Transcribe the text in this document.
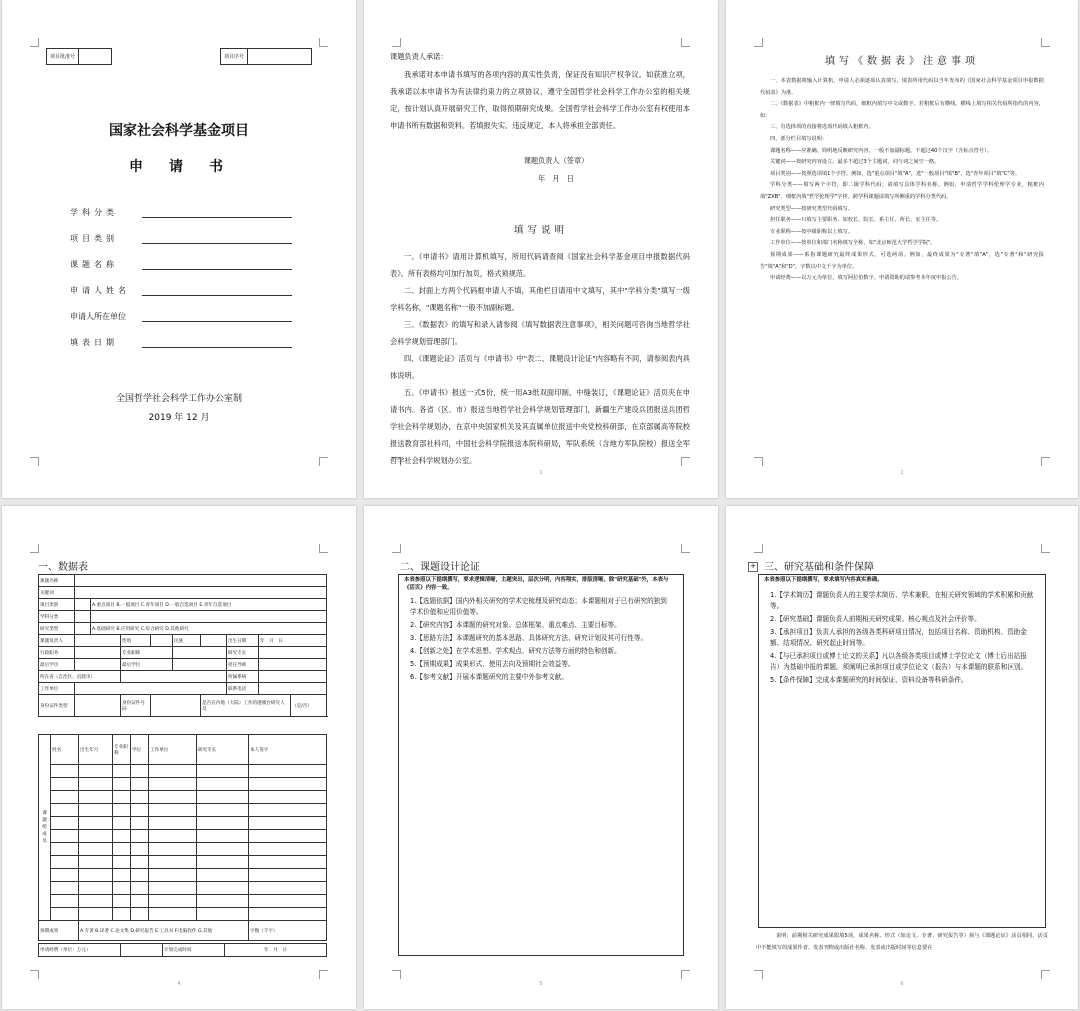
项目批准号	项目序号
国家社会科学基金项目
申请书
学科分类
项目类别
课题名称
申请人姓名
申请人所在单位
填表日期
全国哲学社会科学工作办公室制
2019 年 12 月
课题负责人承诺：
我承诺对本申请书填写的各项内容的真实性负责，保证没有知识产权争议。如获准立项，我承诺以本申请书为有法律约束力的立项协议，遵守全国哲学社会科学工作办公室的相关规定，按计划认真开展研究工作，取得预期研究成果。全国哲学社会科学工作办公室有权使用本申请书所有数据和资料。若填报失实、违反规定，本人将承担全部责任。
课题负责人（签章）
年　月　日
填写说明
一、《申请书》请用计算机填写，所用代码请查阅《国家社会科学基金项目申报数据代码表》。所有表格均可加行加页，格式须规范。
二、封面上方两个代码框申请人不填，其他栏目请用中文填写，其中"学科分类"填写一级学科名称，"课题名称"一般不加副标题。
三、《数据表》的填写和录入请参阅《填写数据表注意事项》，相关问题可咨询当地哲学社会科学规划管理部门。
四、《课题论证》活页与《申请书》中"表二、课题设计论证"内容略有不同，请参阅表内具体说明。
五、《申请书》报送一式5份，统一用A3纸双面印制，中缝装订，《课题论证》活页夹在申请书内。各省（区、市）报送当地哲学社会科学规划管理部门，新疆生产建设兵团报送兵团哲学社会科学规划办，在京中央国家机关及其直属单位报送中央党校科研部，在京部属高等院校报送教育部社科司，中国社会科学院报送本院科研局，军队系统（含地方军队院校）报送全军哲学社会科学规划办公室。
1
填写《数据表》注意事项
一、本表数据将输入计算机，申请人必须逐项认真填写。填表所用代码以当年发布的《国家社会科学基金项目申报数据代码表》为准。
二、《数据表》中粗框内一律填写代码，细框内填写中文或数字。若粗框后有横线，横线上填写相关代码所指代的内容，如：
三、有选择项的直接将选项代码填入粗框内。
四、部分栏目填写说明：
课题名称——应准确、简明地反映研究内容，一般不加副标题，不超过40个汉字（含标点符号）。
关键词——按研究内容设立。最多不超过3个主题词，词与词之间空一格。
项目类别——按照选项填1个字符。例如，选"重点项目"填"A"，选"一般项目"填"B"，选"青年项目"填"C"等。
学科分类——填写两个字符，即二级学科代码；请填写具体学科名称。例如，申请哲学学科伦理学专业，粗框内填"ZXB"，细框内填"哲学伦理学"字样。跨学科课题请填写所侧重的学科分类代码。
研究类型——按研究类型代码填写。
担任职务——只填写主要职务，如校长、院长、系主任、所长、室主任等。
专业职称——按中级职称以上填写。
工作单位——按单位和部门名称填写全称，如"北京师范大学哲学学院"。
预期成果——系指课题研究最终成果形式，可选两项。例如，最终成果为"专著"填"A"，选"专著"和"研究报告"填"A"和"D"。字数以中文千字为单位。
申请经费——以万元为单位，填写阿拉伯数字。申请资助的请参考本年度申报公告。
2
一、数据表
课题名称									
关键词									
项目类别		A.重点项目 B.一般项目 C.青年项目 D.一般自选项目 E.青年自选项目							
学科分类									
研究类型		A.基础研究 B.应用研究 C.综合研究 D.其他研究							
课题负责人			性别		民族		出生日期	年　月　日	
行政职务			专业职称				研究专长		
最后学历			最后学位				担任导师		
所在省（自治区、直辖市）							所属系统		
工作单位							联系电话		
身份证件类型			身份证件号码			是否在内地（大陆）工作的港澳台研究人员			（是/否）
课题组成员	姓名	出生年月	专业职称	学位	工作单位	研究专长	本人签字

预期成果		A.专著 B.译著 C.论文集 D.研究报告 E.工具书 F.电脑软件 G.其他					字数（千字）
申请经费（单位：万元）		计划完成时间	年　月　日
4
二、课题设计论证
本表参照以下提纲撰写，要求逻辑清晰，主题突出，层次分明，内容翔实，排版清晰。除"研究基础"外，本表与《活页》内容一致。
1.【选题依据】国内外相关研究的学术史梳理及研究动态；本课题相对于已有研究的独到学术价值和应用价值等。
2.【研究内容】本课题的研究对象、总体框架、重点难点、主要目标等。
3.【思路方法】本课题研究的基本思路、具体研究方法、研究计划及其可行性等。
4.【创新之处】在学术思想、学术观点、研究方法等方面的特色和创新。
5.【预期成果】成果形式、使用去向及预期社会效益等。
6.【参考文献】开展本课题研究的主要中外参考文献。
5
+ 三、研究基础和条件保障
本表参照以下提纲撰写，要求填写内容真实准确。
1.【学术简历】课题负责人的主要学术简历、学术兼职，在相关研究领域的学术积累和贡献等。
2.【研究基础】课题负责人前期相关研究成果、核心观点及社会评价等。
3.【承担项目】负责人承担的各级各类科研项目情况，包括项目名称、资助机构、资助金额、结项情况、研究起止时间等。
4.【与已承担项目或博士论文的关系】凡以各级各类项目或博士学位论文（博士后出站报告）为基础申报的课题，须阐明已承担项目或学位论文（报告）与本课题的联系和区别。
5.【条件保障】完成本课题研究的时间保证、资料设备等科研条件。
说明：前期相关研究成果限填5项，成果名称、形式（如论文、专著、研究报告等）须与《课题论证》活页相同，活页中不能填写的成果作者、发表刊物或出版社名称、发表或出版时间等信息要在
6
